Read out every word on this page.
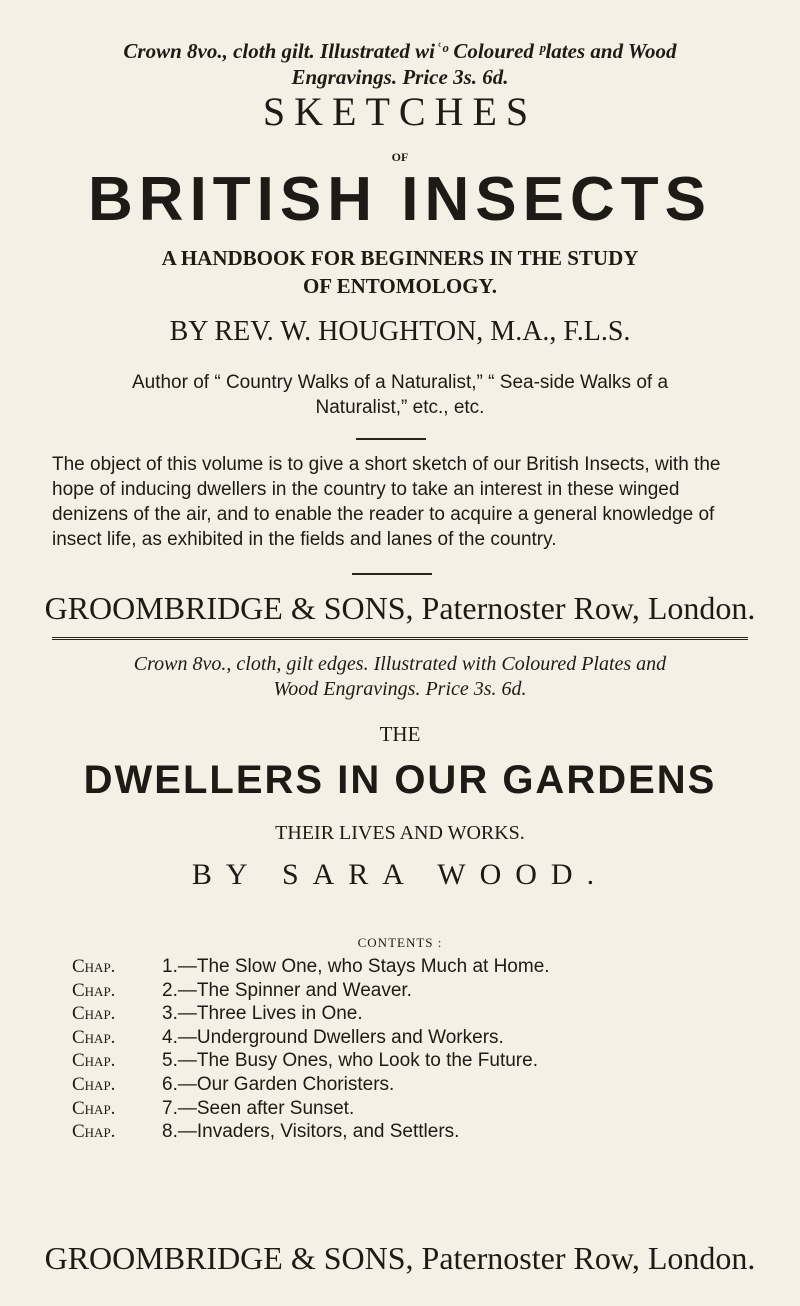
Crown 8vo., cloth gilt. Illustrated wiʿᵒ Coloured ᵖlates and Wood
Engravings. Price 3s. 6d.
SKETCHES
OF
BRITISH INSECTS
A HANDBOOK FOR BEGINNERS IN THE STUDY
OF ENTOMOLOGY.
BY REV. W. HOUGHTON, M.A., F.L.S.
Author of “ Country Walks of a Naturalist,” “ Sea-side Walks of a
Naturalist,” etc., etc.
The object of this volume is to give a short sketch of our British Insects, with the hope of inducing dwellers in the country to take an interest in these winged denizens of the air, and to enable the reader to acquire a general knowledge of insect life, as exhibited in the fields and lanes of the country.
GROOMBRIDGE & SONS, Paternoster Row, London.
Crown 8vo., cloth, gilt edges. Illustrated with Coloured Plates and
Wood Engravings. Price 3s. 6d.
THE
DWELLERS IN OUR GARDENS
THEIR LIVES AND WORKS.
BY SARA WOOD.
CONTENTS :
Chap.	1.—The Slow One, who Stays Much at Home.
Chap.	2.—The Spinner and Weaver.
Chap.	3.—Three Lives in One.
Chap.	4.—Underground Dwellers and Workers.
Chap.	5.—The Busy Ones, who Look to the Future.
Chap.	6.—Our Garden Choristers.
Chap.	7.—Seen after Sunset.
Chap.	8.—Invaders, Visitors, and Settlers.
GROOMBRIDGE & SONS, Paternoster Row, London.
